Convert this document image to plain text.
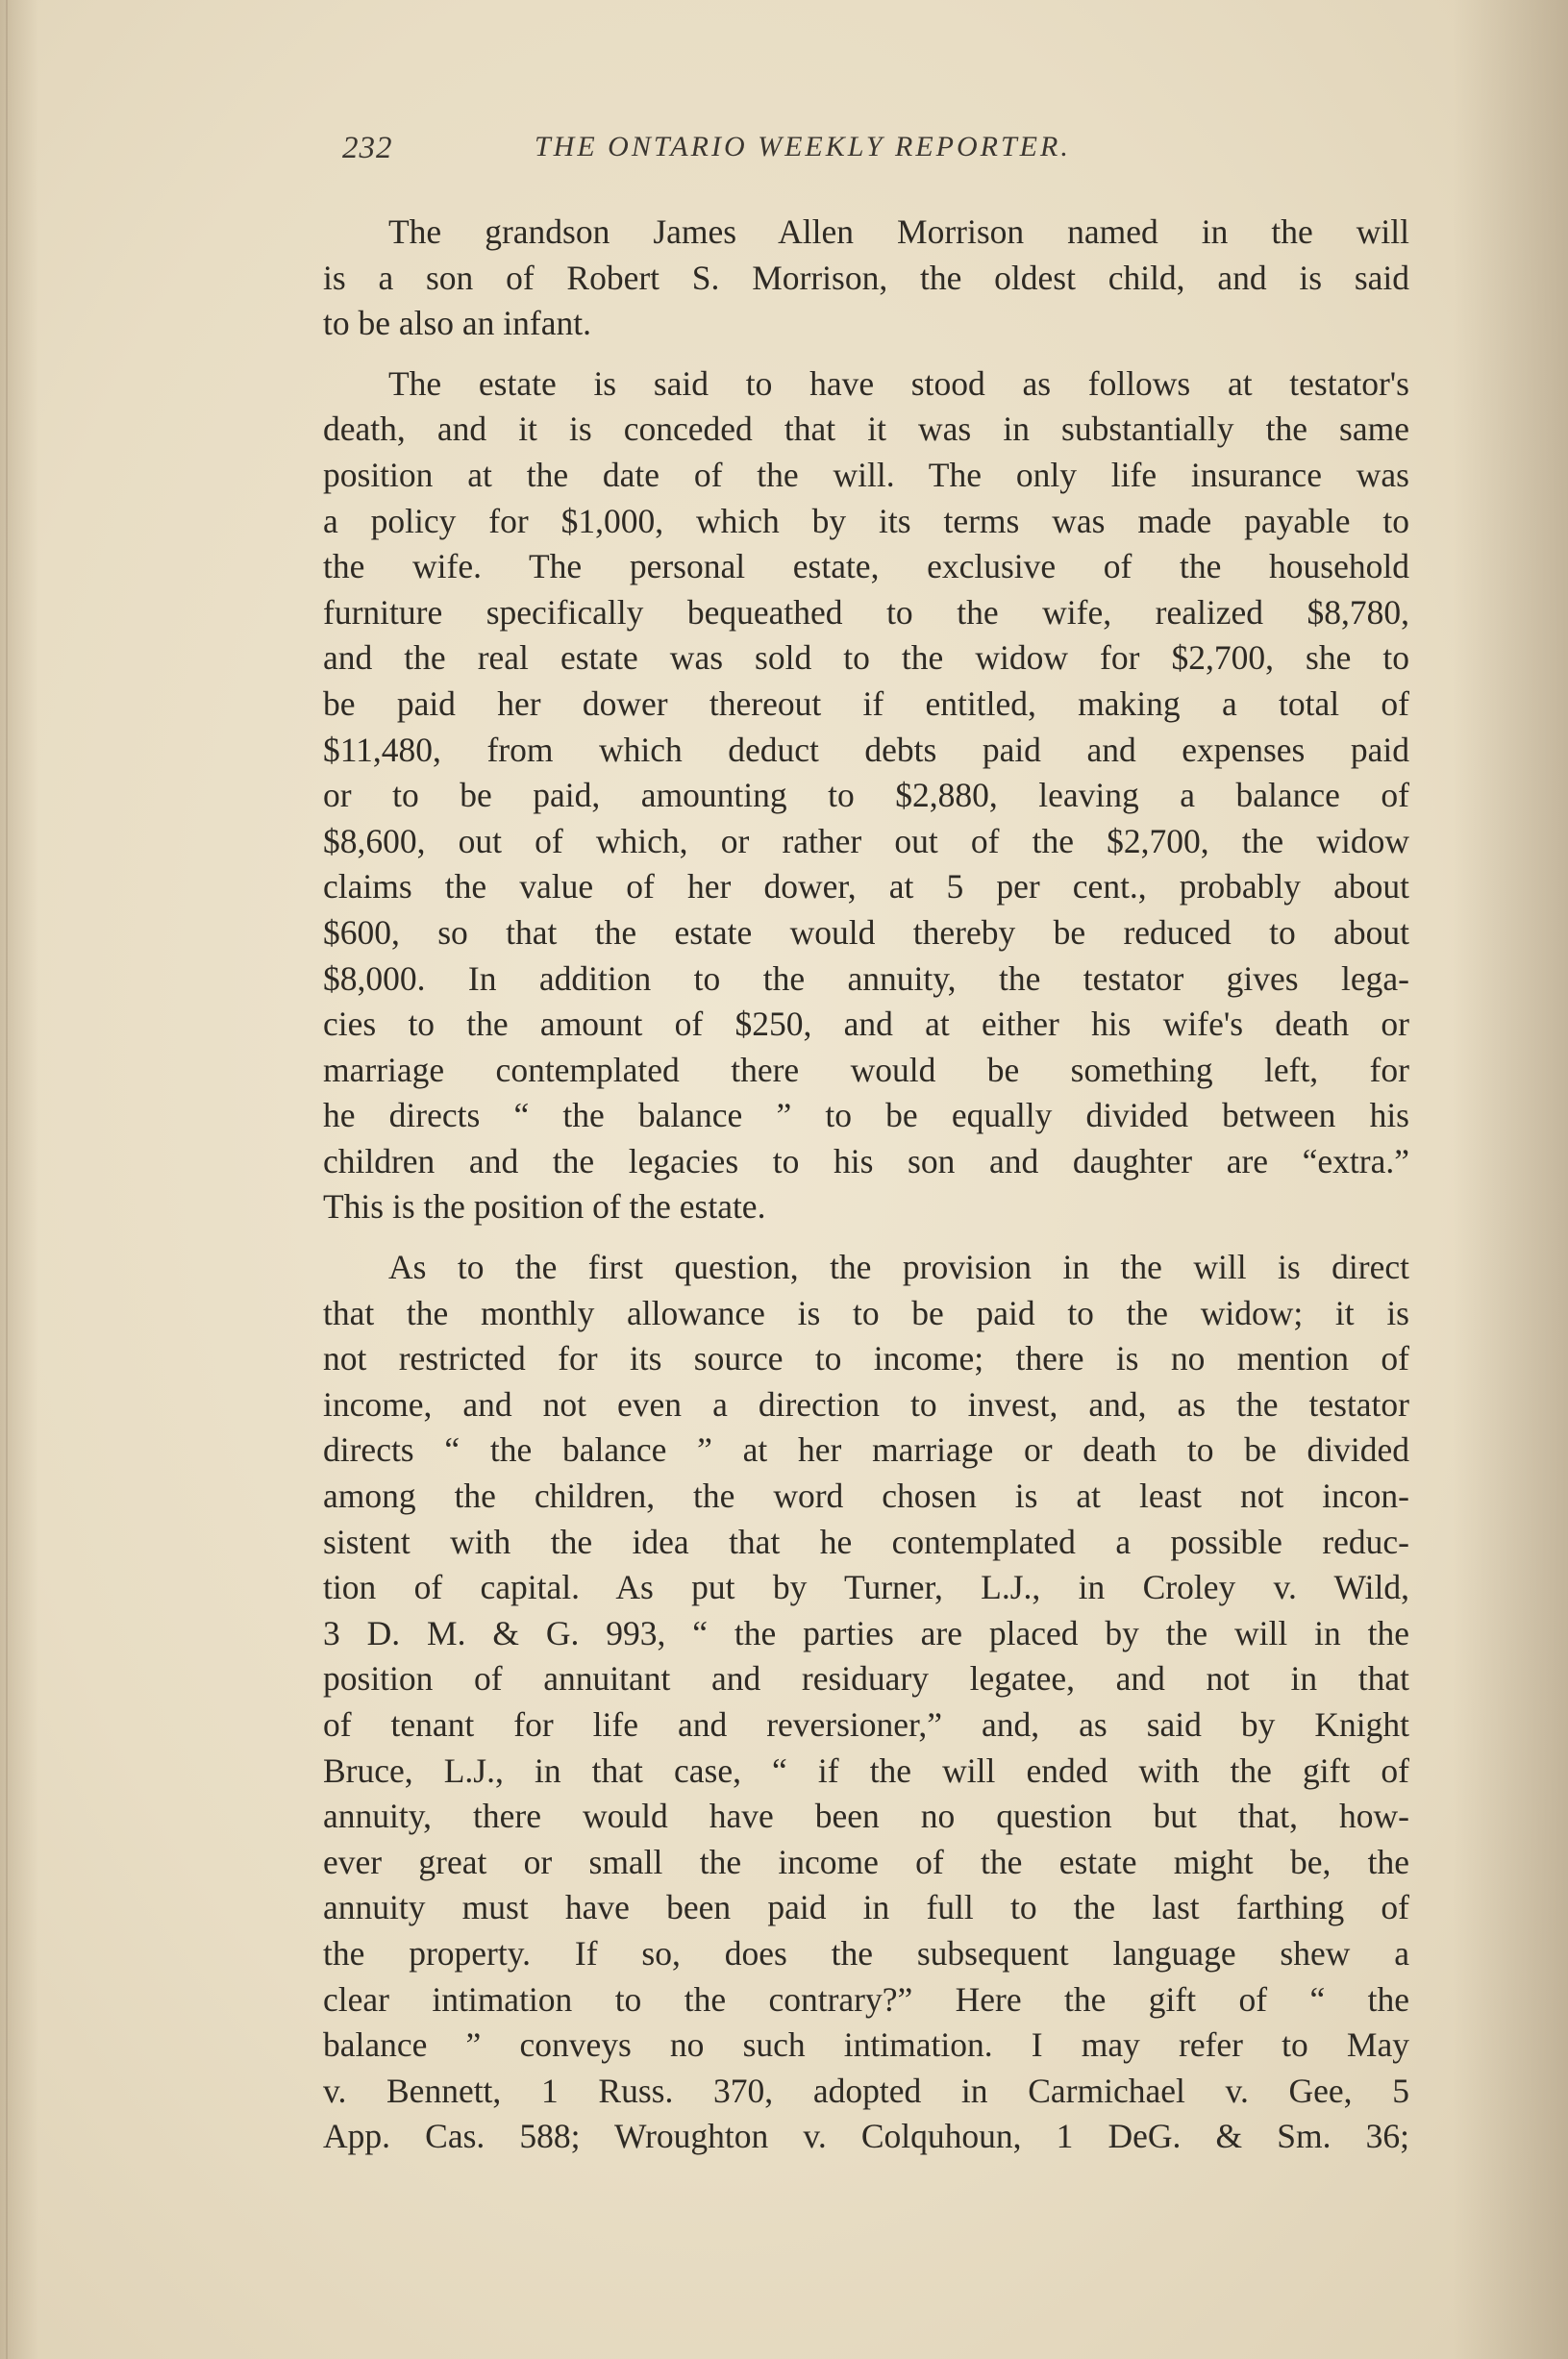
232	THE ONTARIO WEEKLY REPORTER.
The grandson James Allen Morrison named in the will
is a son of Robert S. Morrison, the oldest child, and is said
to be also an infant.
The estate is said to have stood as follows at testator's
death, and it is conceded that it was in substantially the same
position at the date of the will. The only life insurance was
a policy for $1,000, which by its terms was made payable to
the wife. The personal estate, exclusive of the household
furniture specifically bequeathed to the wife, realized $8,780,
and the real estate was sold to the widow for $2,700, she to
be paid her dower thereout if entitled, making a total of
$11,480, from which deduct debts paid and expenses paid
or to be paid, amounting to $2,880, leaving a balance of
$8,600, out of which, or rather out of the $2,700, the widow
claims the value of her dower, at 5 per cent., probably about
$600, so that the estate would thereby be reduced to about
$8,000. In addition to the annuity, the testator gives lega-
cies to the amount of $250, and at either his wife's death or
marriage contemplated there would be something left, for
he directs “ the balance ” to be equally divided between his
children and the legacies to his son and daughter are “extra.”
This is the position of the estate.
As to the first question, the provision in the will is direct
that the monthly allowance is to be paid to the widow; it is
not restricted for its source to income; there is no mention of
income, and not even a direction to invest, and, as the testator
directs “ the balance ” at her marriage or death to be divided
among the children, the word chosen is at least not incon-
sistent with the idea that he contemplated a possible reduc-
tion of capital. As put by Turner, L.J., in Croley v. Wild,
3 D. M. & G. 993, “ the parties are placed by the will in the
position of annuitant and residuary legatee, and not in that
of tenant for life and reversioner,” and, as said by Knight
Bruce, L.J., in that case, “ if the will ended with the gift of
annuity, there would have been no question but that, how-
ever great or small the income of the estate might be, the
annuity must have been paid in full to the last farthing of
the property. If so, does the subsequent language shew a
clear intimation to the contrary?” Here the gift of “ the
balance ” conveys no such intimation. I may refer to May
v. Bennett, 1 Russ. 370, adopted in Carmichael v. Gee, 5
App. Cas. 588; Wroughton v. Colquhoun, 1 DeG. & Sm. 36;
